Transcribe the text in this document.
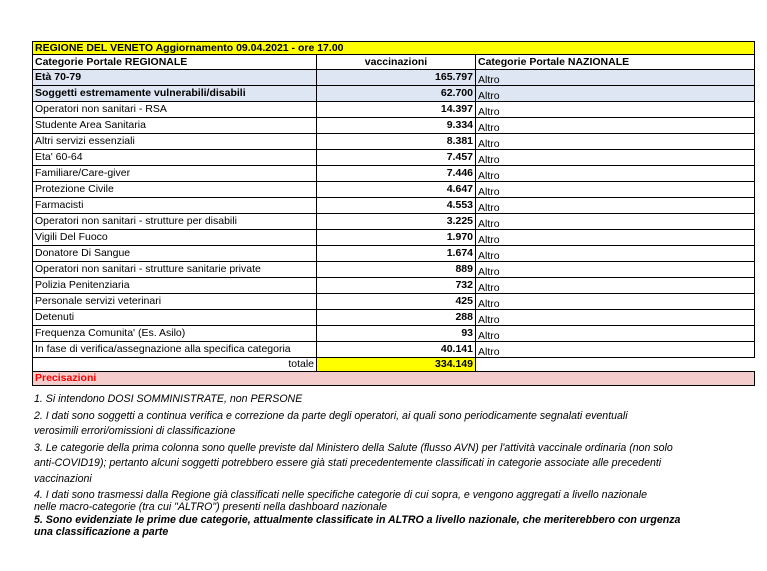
REGIONE DEL VENETO Aggiornamento 09.04.2021 - ore 17.00		
Categorie Portale REGIONALE	vaccinazioni	Categorie Portale NAZIONALE
Età 70-79	165.797	Altro
Soggetti estremamente vulnerabili/disabili	62.700	Altro
Operatori non sanitari - RSA	14.397	Altro
Studente Area Sanitaria	9.334	Altro
Altri servizi essenziali	8.381	Altro
Eta' 60-64	7.457	Altro
Familiare/Care-giver	7.446	Altro
Protezione Civile	4.647	Altro
Farmacisti	4.553	Altro
Operatori non sanitari - strutture per disabili	3.225	Altro
Vigili Del Fuoco	1.970	Altro
Donatore Di Sangue	1.674	Altro
Operatori non sanitari - strutture sanitarie private	889	Altro
Polizia Penitenziaria	732	Altro
Personale servizi veterinari	425	Altro
Detenuti	288	Altro
Frequenza Comunita' (Es. Asilo)	93	Altro
In fase di verifica/assegnazione alla specifica categoria	40.141	Altro
totale	334.149	
Precisazioni		

1. Si intendono DOSI SOMMINISTRATE, non PERSONE

2. I dati sono soggetti a continua verifica e correzione da parte degli operatori, ai quali sono periodicamente segnalati eventuali
verosimili errori/omissioni di classificazione

3. Le categorie della prima colonna sono quelle previste dal Ministero della Salute (flusso AVN) per l'attività vaccinale ordinaria (non solo
anti-COVID19); pertanto alcuni soggetti potrebbero essere già stati precedentemente classificati in categorie associate alle precedenti
vaccinazioni

4. I dati sono trasmessi dalla Regione già classificati nelle specifiche categorie di cui sopra, e vengono aggregati a livello nazionale
nelle macro-categorie (tra cui "ALTRO") presenti nella dashboard nazionale

5. Sono evidenziate le prime due categorie, attualmente classificate in ALTRO a livello nazionale, che meriterebbero con urgenza
una classificazione a parte
